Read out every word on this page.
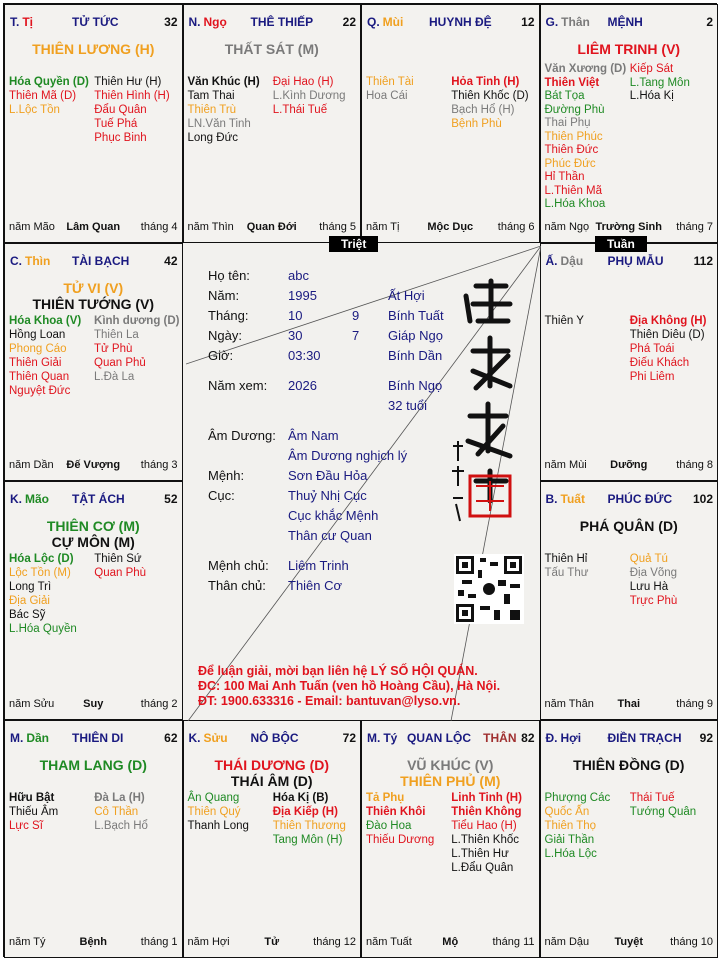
T. Tị	TỬ TỨC	32
THIÊN LƯƠNG (H)
Hóa Quyền (D)
Thiên Mã (D)
L.Lộc Tồn
Thiên Hư (H)
Thiên Hình (H)
Đẩu Quân
Tuế Phá
Phục Binh
năm Mão	Lâm Quan	tháng 4
N. Ngọ THÊ THIẾP 22
THẤT SÁT (M)
Văn Khúc (H)
Tam Thai
Thiên Trù
LN.Văn Tinh
Long Đức
Đại Hao (H)
L.Kình Dương
L.Thái Tuế
năm Thìn	Quan Đới	tháng 5
Q. Mùi HUYNH ĐỆ 12
Thiên Tài
Hoa Cái
Hỏa Tinh (H)
Thiên Khốc (D)
Bạch Hổ (H)
Bệnh Phù
năm Tị	Mộc Dục	tháng 6
G. Thân MỆNH	2
LIÊM TRINH (V)
Văn Xương (D)
Thiên Việt
Bát Tọa
Đường Phù
Thai Phụ
Thiên Phúc
Thiên Đức
Phúc Đức
Hỉ Thần
L.Thiên Mã
L.Hóa Khoa
Kiếp Sát
L.Tang Môn
L.Hóa Kị
năm Ngọ Trường Sinh	tháng 7
C. Thìn TÀI BẠCH	42
TỬ VI (V)
THIÊN TƯỚNG (V)
Hóa Khoa (V)
Hồng Loan
Phong Cáo
Thiên Giải
Thiên Quan
Nguyệt Đức
Kình dương (D)
Thiên La
Tử Phù
Quan Phủ
L.Đà La
năm Dần	Đế Vượng	tháng 3
Ấ. Dậu PHỤ MẪU	112
Thiên Y	Địa Không (H)
Thiên Diêu (D)
Phá Toái
Điếu Khách
Phi Liêm
năm Mùi	Dưỡng	tháng 8
K. Mão TẬT ÁCH	52
THIÊN CƠ (M)
CỰ MÔN (M)
Hóa Lộc (D)
Lộc Tồn (M)
Long Trì
Địa Giải
Bác Sỹ
L.Hóa Quyền
Thiên Sứ
Quan Phù
năm Sửu	Suy	tháng 2
B. Tuất PHÚC ĐỨC 102
PHÁ QUÂN (D)
Thiên Hỉ
Tấu Thư
Quả Tú
Địa Võng
Lưu Hà
Trực Phù
năm Thân	Thai	tháng 9
M. Dần THIÊN DI	62
THAM LANG (D)
Hữu Bật
Thiếu Âm
Lực Sĩ
Đà La (H)
Cô Thần
L.Bạch Hổ
năm Tý	Bệnh	tháng 1
K. Sửu NÔ BỘC	72
THÁI DƯƠNG (D)
THÁI ÂM (D)
Ân Quang
Thiên Quý
Thanh Long
Hóa Kị (B)
Địa Kiếp (H)
Thiên Thương
Tang Môn (H)
năm Hợi	Tử	tháng 12
M. Tý QUAN LỘC THÂN 82
VŨ KHÚC (V)
THIÊN PHỦ (M)
Tả Phụ
Thiên Khôi
Đào Hoa
Thiếu Dương
Linh Tinh (H)
Thiên Không
Tiểu Hao (H)
L.Thiên Khốc
L.Thiên Hư
L.Đẩu Quân
năm Tuất	Mộ	tháng 11
Đ. Hợi ĐIỀN TRẠCH 92
THIÊN ĐỒNG (D)
Phượng Các
Quốc Ấn
Thiên Thọ
Giải Thần
L.Hóa Lộc
Thái Tuế
Tướng Quân
năm Dậu	Tuyệt	tháng 10
Họ tên:	abc
Năm:	1995	Ất Hợi
Tháng:	10	9 Bính Tuất
Ngày:	30	7 Giáp Ngọ
Giờ:	03:30	Bính Dần
Năm xem: 2026	Bính Ngọ
32 tuổi
Âm Dương: Âm Nam
Âm Dương nghịch lý
Mệnh:	Sơn Đầu Hỏa
Cục:	Thuỷ Nhị Cục
Cục khắc Mệnh
Thân cư Quan
Mệnh chủ: Liêm Trinh
Thân chủ: Thiên Cơ
Để luận giải, mời bạn liên hệ LÝ SỐ HỘI QUÁN.
ĐC: 100 Mai Anh Tuấn (ven hồ Hoàng Cầu), Hà Nội.
ĐT: 1900.633316 - Email: bantuvan@lyso.vn.
Triệt	Tuần
